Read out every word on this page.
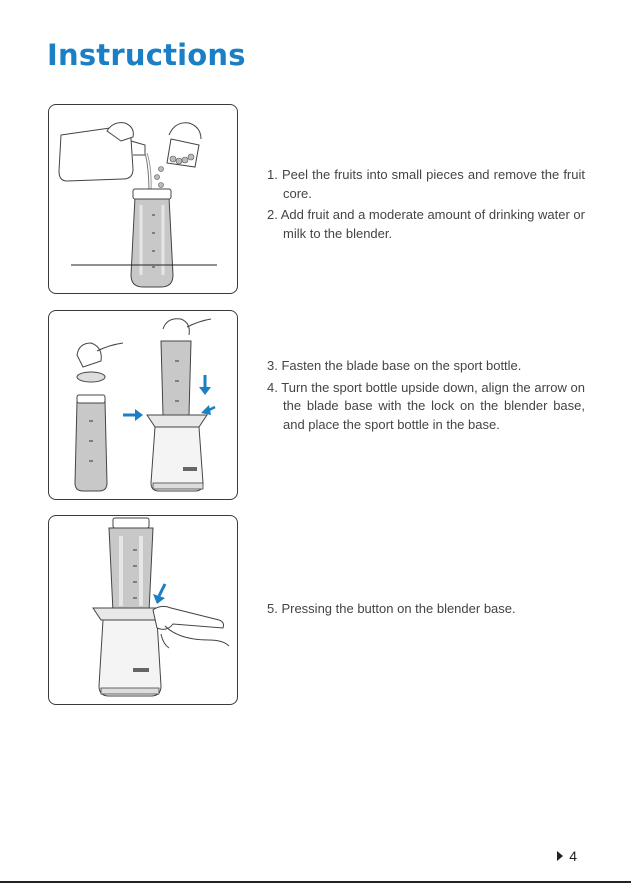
Instructions

1. Peel the fruits into small pieces and remove the fruit core.

2. Add fruit and a moderate amount of drinking water or milk to the blender.

3. Fasten the blade base on the sport bottle.

4. Turn the sport bottle upside down, align the arrow on the blade base with the lock on the blender base, and place the sport bottle in the base.

5. Pressing the button on the blender base.

4
